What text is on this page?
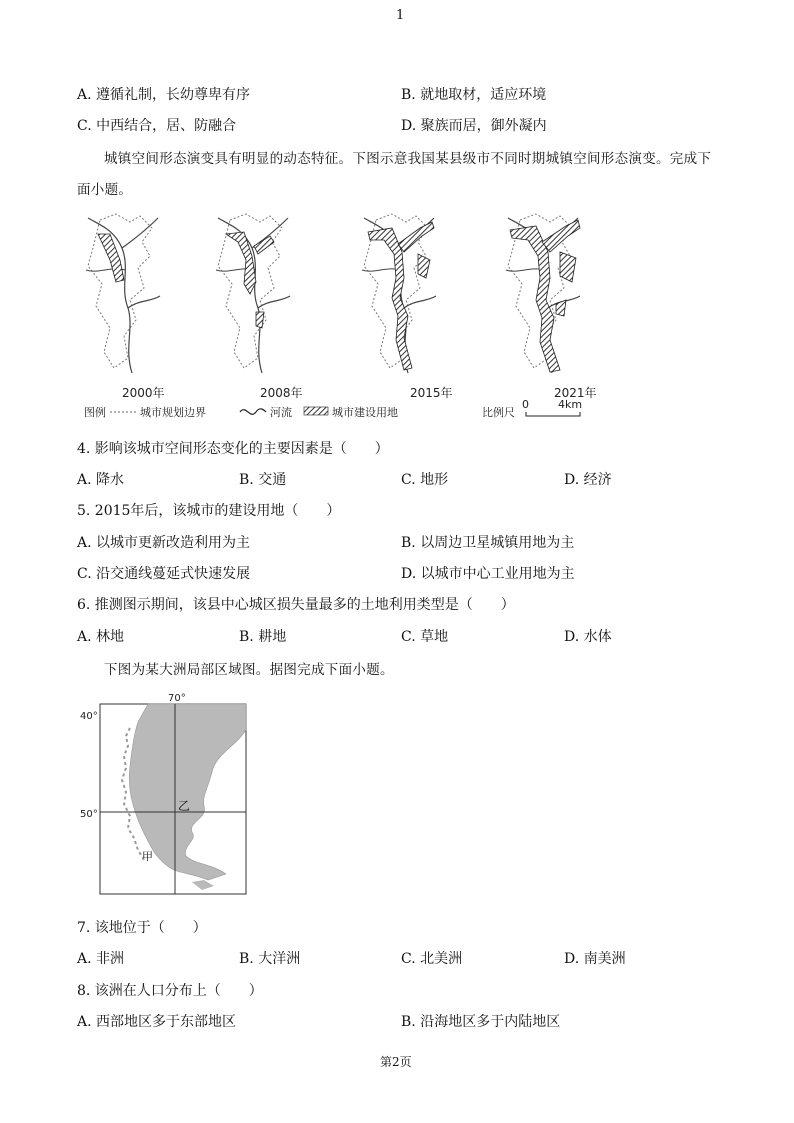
1
A. 遵循礼制，长幼尊卑有序	B. 就地取材，适应环境
C. 中西结合，居、防融合	D. 聚族而居，御外凝内
城镇空间形态演变具有明显的动态特征。下图示意我国某县级市不同时期城镇空间形态演变。完成下
面小题。
2000年	2008年	2015年	2021年
图例	城市规划边界	河流	城市建设用地	比例尺
0	4km
4. 影响该城市空间形态变化的主要因素是（　　）
A. 降水	B. 交通	C. 地形	D. 经济
5. 2015年后，该城市的建设用地（　　）
A. 以城市更新改造利用为主	B. 以周边卫星城镇用地为主
C. 沿交通线蔓延式快速发展	D. 以城市中心工业用地为主
6. 推测图示期间，该县中心城区损失量最多的土地利用类型是（　　）
A. 林地	B. 耕地	C. 草地	D. 水体
下图为某大洲局部区域图。据图完成下面小题。
70°
40°
50°
乙
甲
7. 该地位于（　　）
A. 非洲	B. 大洋洲	C. 北美洲	D. 南美洲
8. 该洲在人口分布上（　　）
A. 西部地区多于东部地区	B. 沿海地区多于内陆地区
第2页
